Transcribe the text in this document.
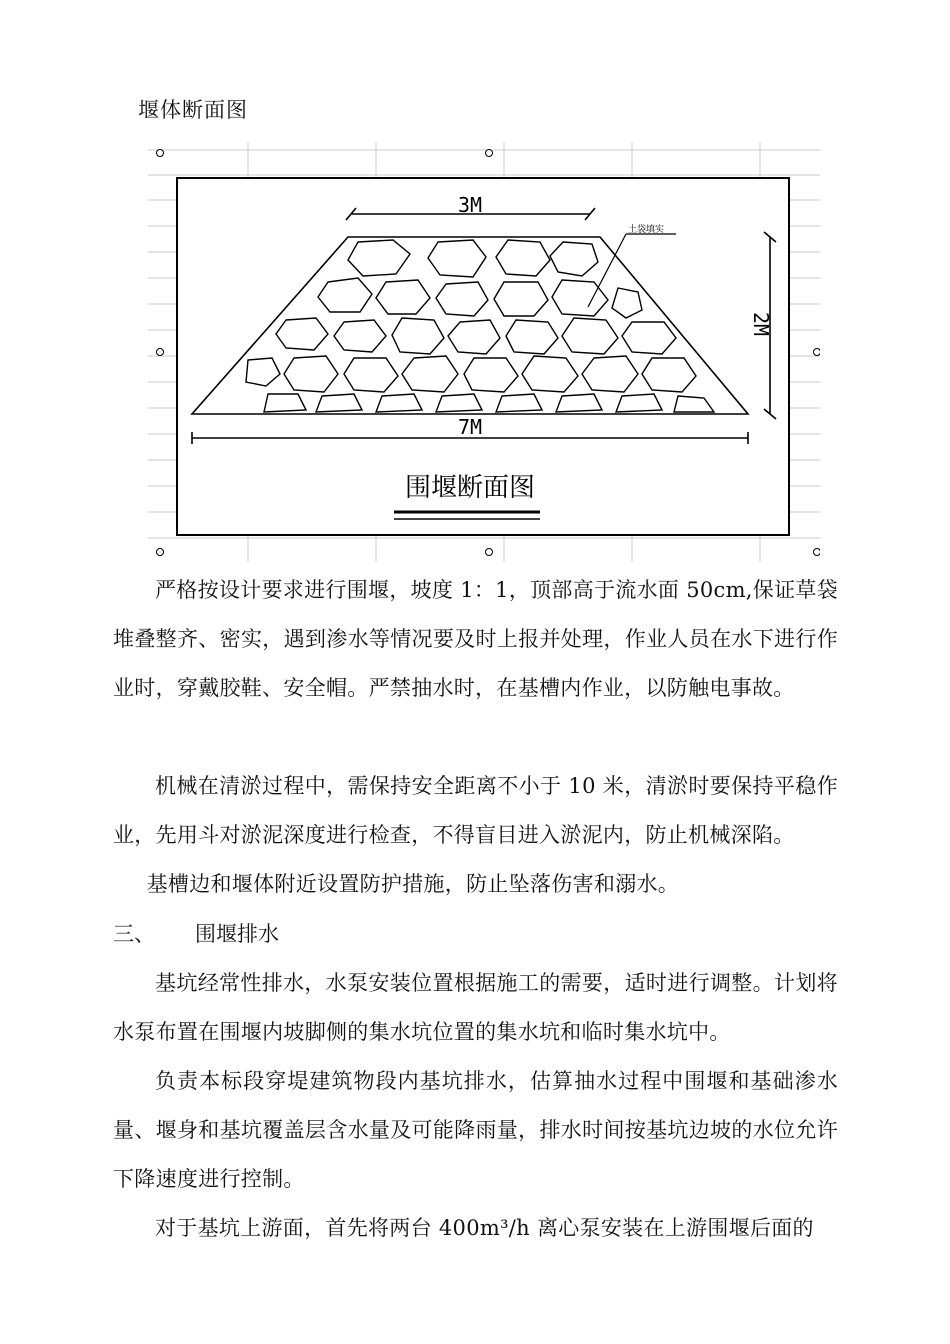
堰体断面图
3M
土袋填实
2M
7M
围堰断面图

严格按设计要求进行围堰，坡度 1：1，顶部高于流水面 50cm,保证草袋堆叠整齐、密实，遇到渗水等情况要及时上报并处理，作业人员在水下进行作业时，穿戴胶鞋、安全帽。严禁抽水时，在基槽内作业，以防触电事故。

机械在清淤过程中，需保持安全距离不小于 10 米，清淤时要保持平稳作业，先用斗对淤泥深度进行检查，不得盲目进入淤泥内，防止机械深陷。

基槽边和堰体附近设置防护措施，防止坠落伤害和溺水。

三、 围堰排水

基坑经常性排水，水泵安装位置根据施工的需要，适时进行调整。计划将水泵布置在围堰内坡脚侧的集水坑位置的集水坑和临时集水坑中。

负责本标段穿堤建筑物段内基坑排水，估算抽水过程中围堰和基础渗水量、堰身和基坑覆盖层含水量及可能降雨量，排水时间按基坑边坡的水位允许下降速度进行控制。

对于基坑上游面，首先将两台 400m³/h 离心泵安装在上游围堰后面的
